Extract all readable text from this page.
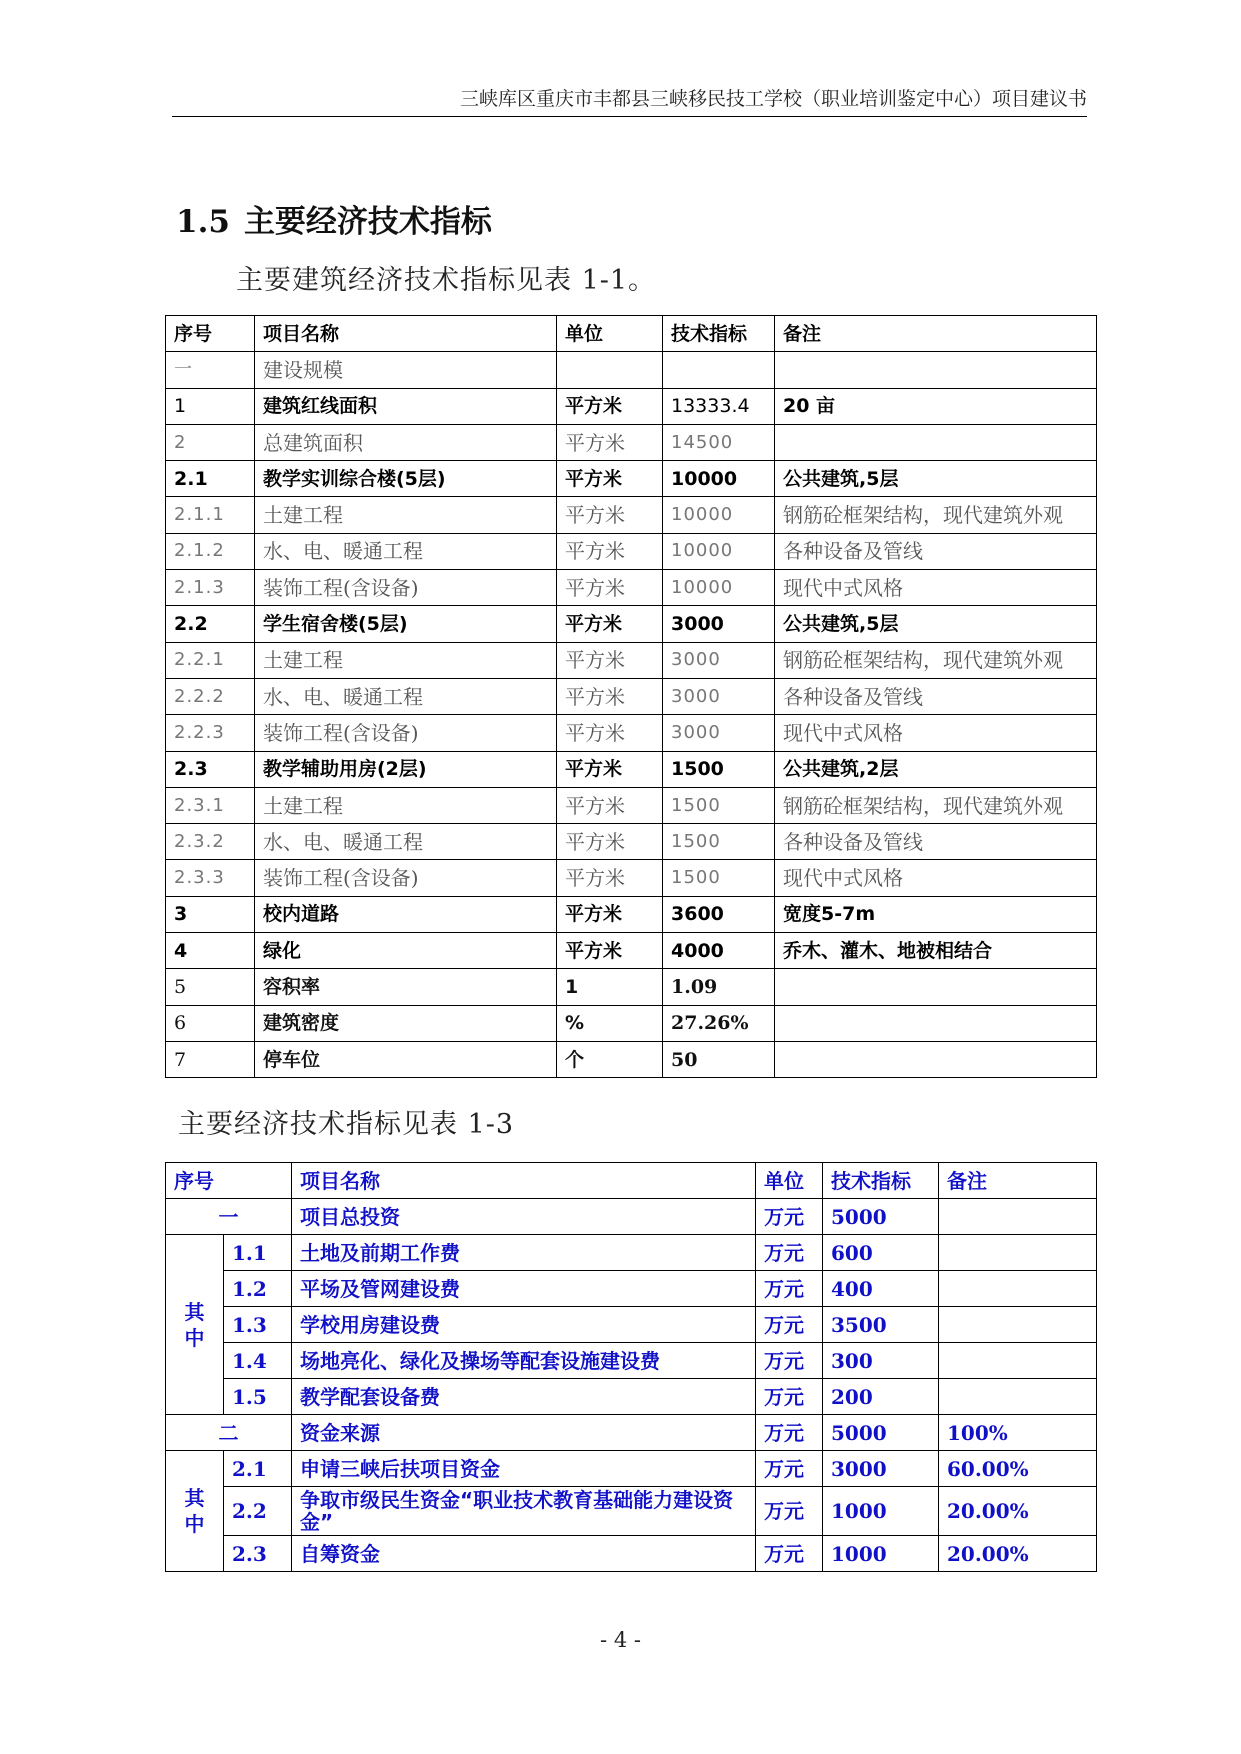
三峡库区重庆市丰都县三峡移民技工学校（职业培训鉴定中心）项目建议书
1.5 主要经济技术指标
主要建筑经济技术指标见表 1-1。
序号	项目名称	单位	技术指标	备注
一	建设规模			
1	建筑红线面积	平方米	13333.4	20 亩
2	总建筑面积	平方米	14500	
2.1	教学实训综合楼(5层)	平方米	10000	公共建筑,5层
2.1.1	土建工程	平方米	10000	钢筋砼框架结构，现代建筑外观
2.1.2	水、电、暖通工程	平方米	10000	各种设备及管线
2.1.3	装饰工程(含设备)	平方米	10000	现代中式风格
2.2	学生宿舍楼(5层)	平方米	3000	公共建筑,5层
2.2.1	土建工程	平方米	3000	钢筋砼框架结构，现代建筑外观
2.2.2	水、电、暖通工程	平方米	3000	各种设备及管线
2.2.3	装饰工程(含设备)	平方米	3000	现代中式风格
2.3	教学辅助用房(2层)	平方米	1500	公共建筑,2层
2.3.1	土建工程	平方米	1500	钢筋砼框架结构，现代建筑外观
2.3.2	水、电、暖通工程	平方米	1500	各种设备及管线
2.3.3	装饰工程(含设备)	平方米	1500	现代中式风格
3	校内道路	平方米	3600	宽度5-7m
4	绿化	平方米	4000	乔木、灌木、地被相结合
5	容积率	1	1.09	
6	建筑密度	%	27.26%	
7	停车位	个	50	
主要经济技术指标见表 1-3
序号		项目名称	单位	技术指标	备注
一		项目总投资	万元	5000	
其
中	1.1	土地及前期工作费	万元	600	
	1.2	平场及管网建设费	万元	400	
	1.3	学校用房建设费	万元	3500	
	1.4	场地亮化、绿化及操场等配套设施建设费	万元	300	
	1.5	教学配套设备费	万元	200	
二		资金来源	万元	5000	100%
其
中	2.1	申请三峡后扶项目资金	万元	3000	60.00%
	2.2	争取市级民生资金“职业技术教育基础能力建设资金”	万元	1000	20.00%
	2.3	自筹资金	万元	1000	20.00%
- 4 -
